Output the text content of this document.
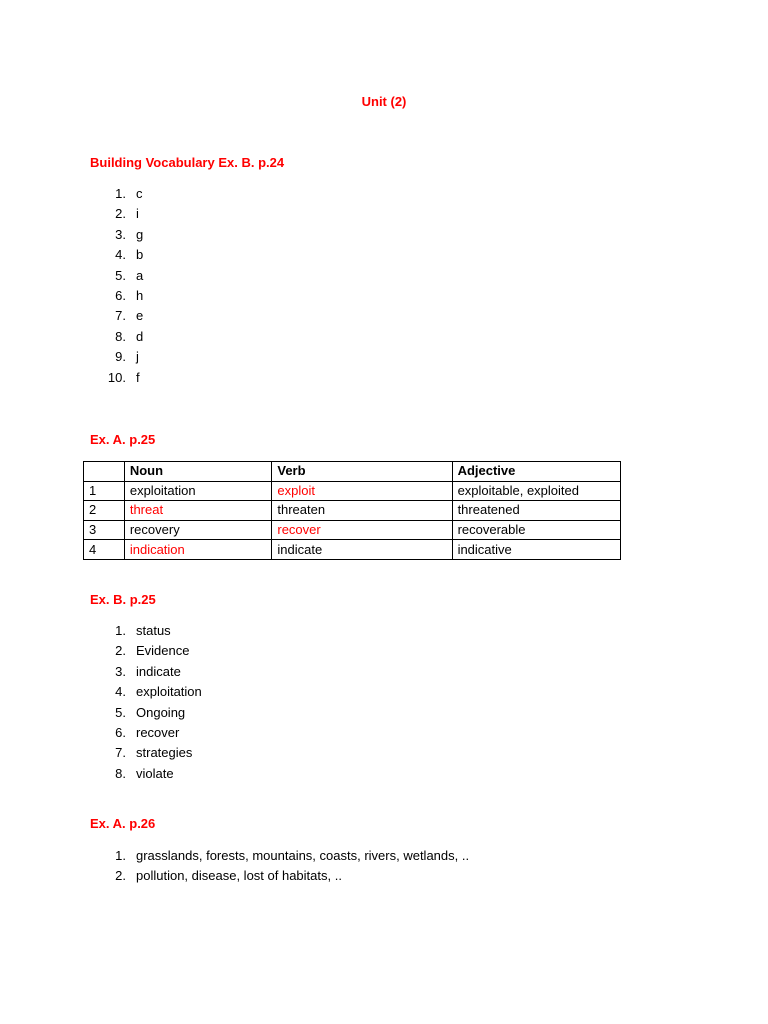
Unit (2)
Building Vocabulary Ex. B. p.24
1. c
2. i
3. g
4. b
5. a
6. h
7. e
8. d
9. j
10. f
Ex. A. p.25
	Noun	Verb	Adjective
1	exploitation	exploit	exploitable, exploited
2	threat	threaten	threatened
3	recovery	recover	recoverable
4	indication	indicate	indicative
Ex. B. p.25
1. status
2. Evidence
3. indicate
4. exploitation
5. Ongoing
6. recover
7. strategies
8. violate
Ex. A. p.26
1. grasslands, forests, mountains, coasts, rivers, wetlands, ..
2. pollution, disease, lost of habitats, ..
